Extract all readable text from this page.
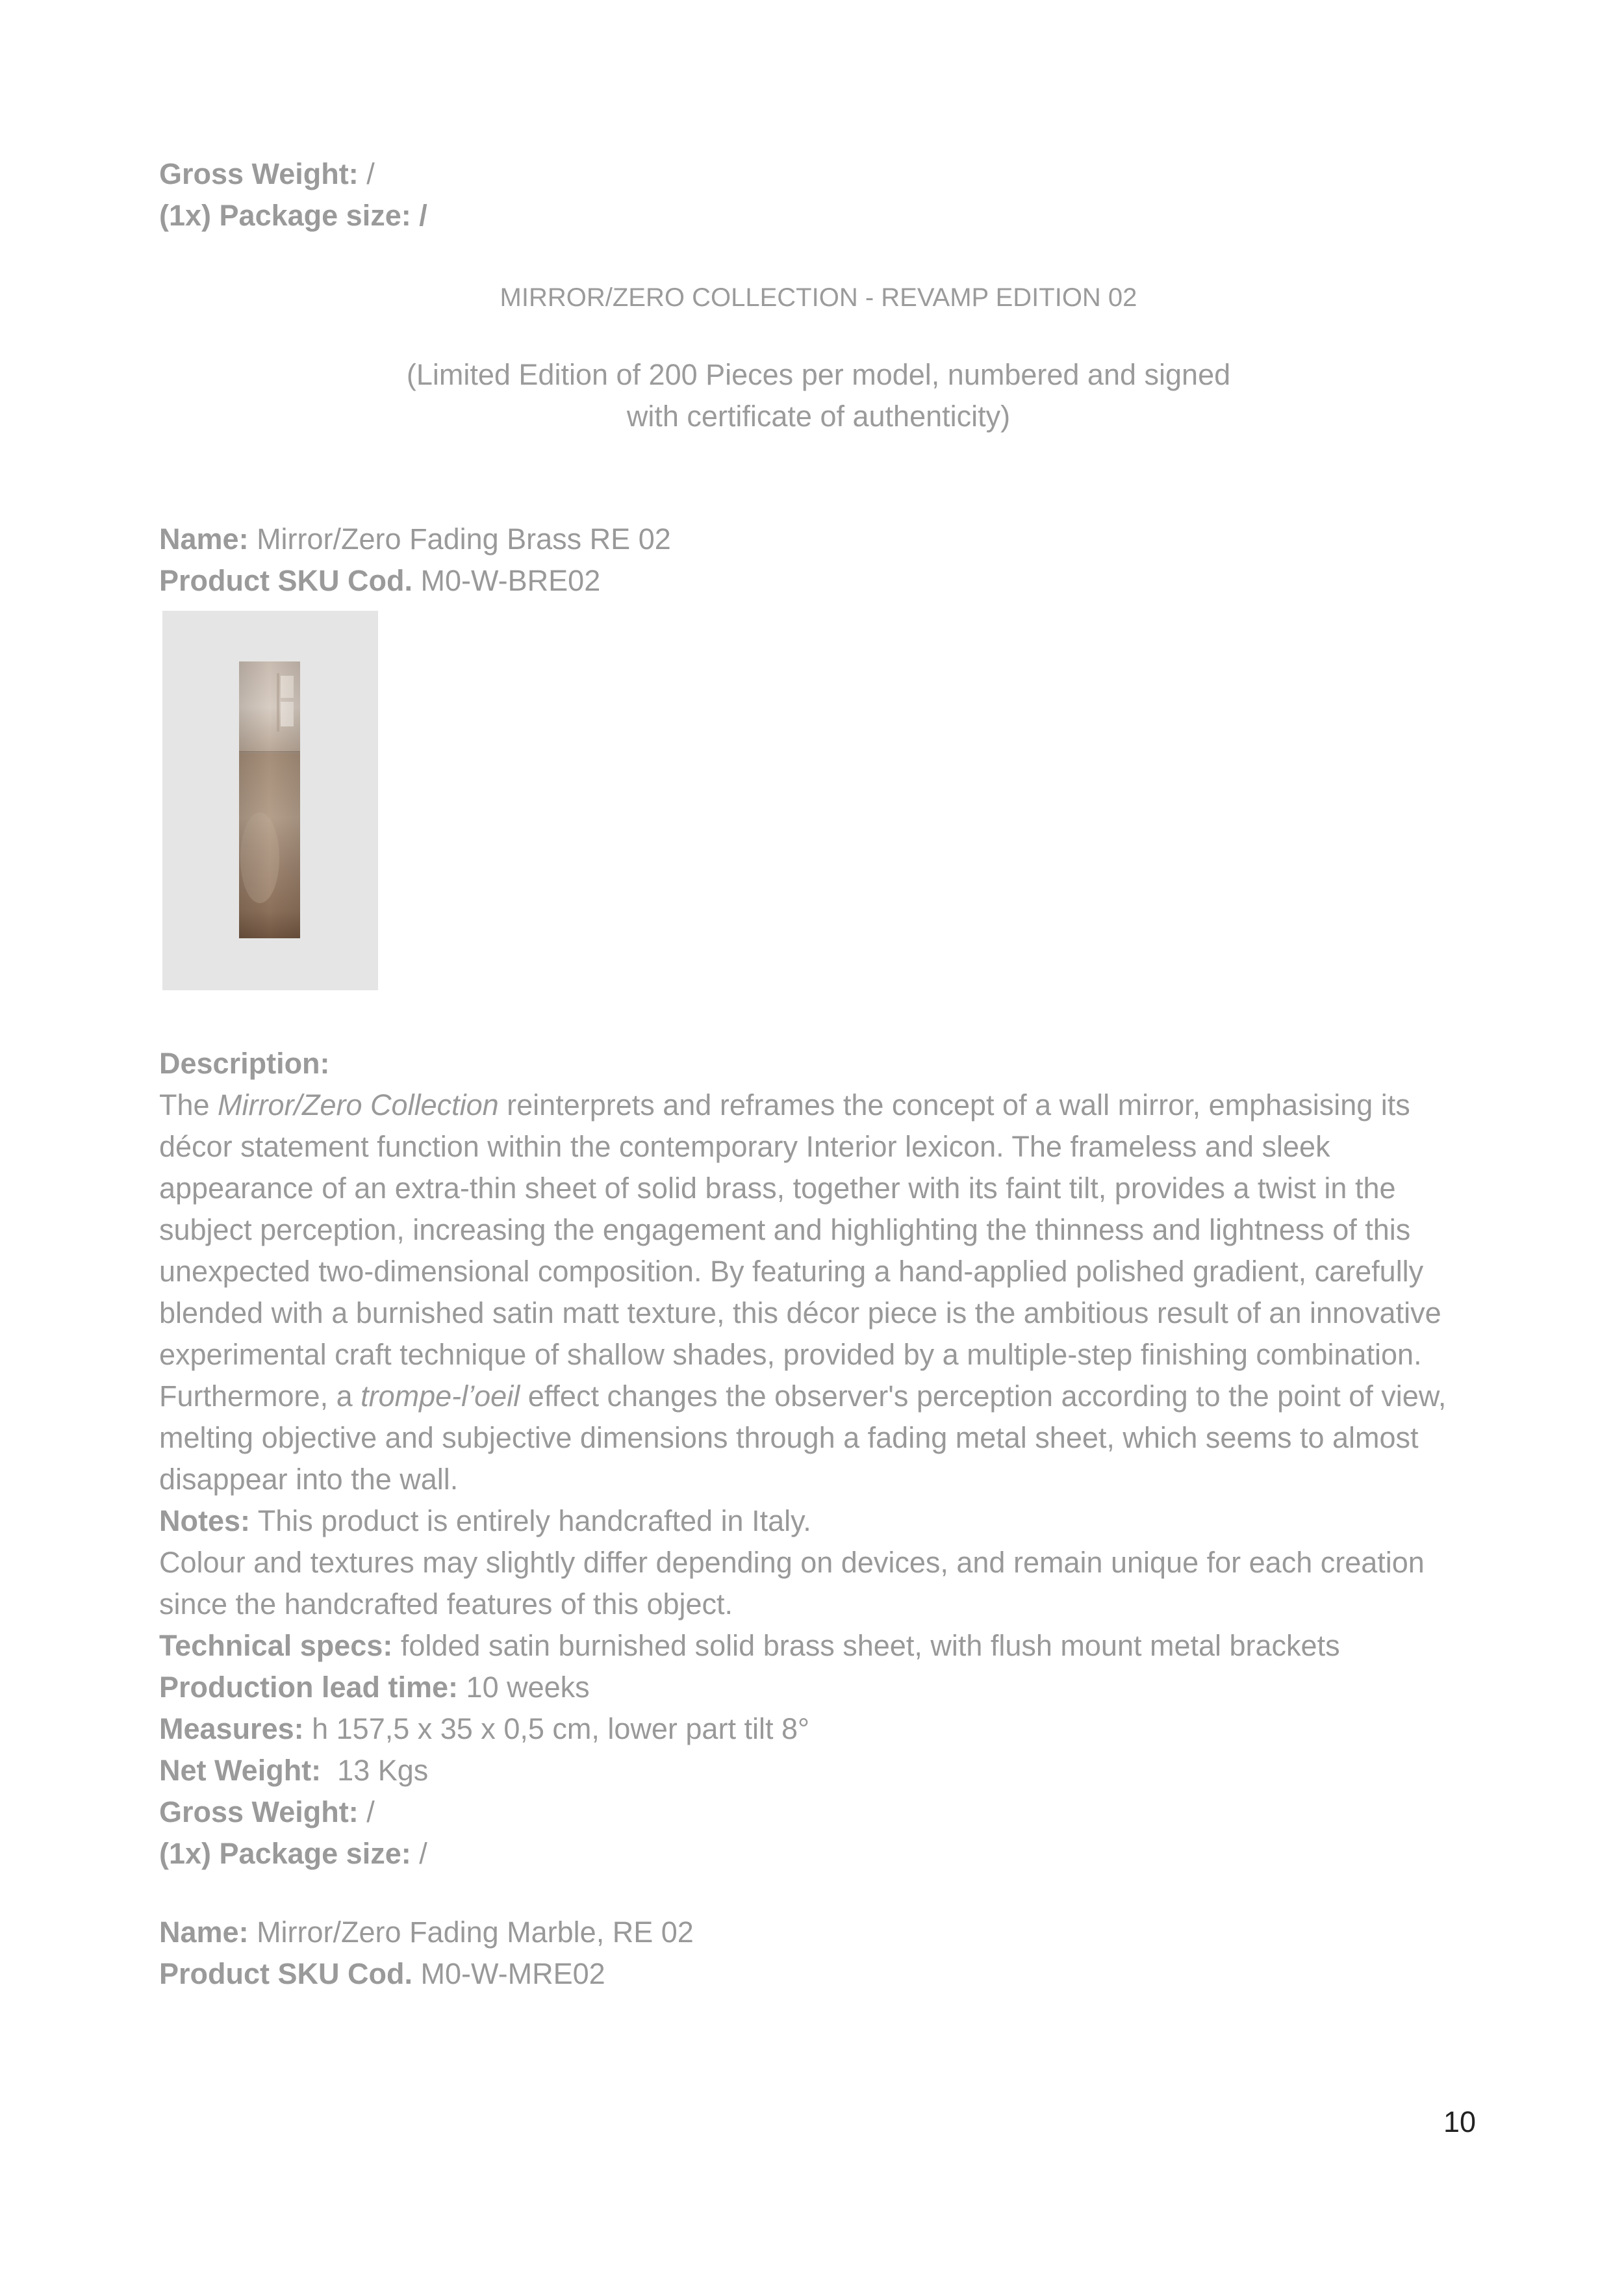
Gross Weight: /
(1x) Package size: /
MIRROR/ZERO COLLECTION - REVAMP EDITION 02
(Limited Edition of 200 Pieces per model, numbered and signed
with certificate of authenticity)
Name: Mirror/Zero Fading Brass RE 02
Product SKU Cod. M0-W-BRE02

Description:

The Mirror/Zero Collection reinterprets and reframes the concept of a wall mirror, emphasising its décor statement function within the contemporary Interior lexicon. The frameless and sleek appearance of an extra-thin sheet of solid brass, together with its faint tilt, provides a twist in the subject perception, increasing the engagement and highlighting the thinness and lightness of this unexpected two-dimensional composition. By featuring a hand-applied polished gradient, carefully blended with a burnished satin matt texture, this décor piece is the ambitious result of an innovative experimental craft technique of shallow shades, provided by a multiple-step finishing combination. Furthermore, a trompe-l’oeil effect changes the observer's perception according to the point of view, melting objective and subjective dimensions through a fading metal sheet, which seems to almost disappear into the wall.

Notes: This product is entirely handcrafted in Italy.

Colour and textures may slightly differ depending on devices, and remain unique for each creation since the handcrafted features of this object.

Technical specs: folded satin burnished solid brass sheet, with flush mount metal brackets

Production lead time: 10 weeks

Measures: h 157,5 x 35 x 0,5 cm, lower part tilt 8°

Net Weight:  13 Kgs

Gross Weight: /

(1x) Package size: /

Name: Mirror/Zero Fading Marble, RE 02
Product SKU Cod. M0-W-MRE02
10
